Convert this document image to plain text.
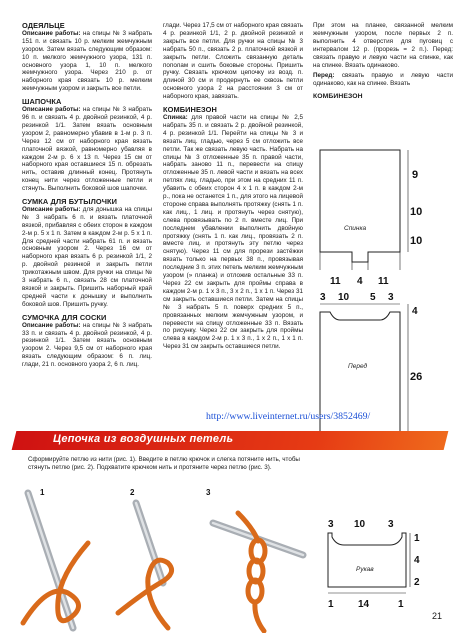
ОДЕЯЛЬЦЕ

Описание работы: на спицы № 3 набрать 151 п. и связать 10 р. мелким жемчужным узором. Затем вязать следующим образом: 10 п. мелкого жемчужного узора, 131 п. основного узора 1, 10 п. мелкого жемчужного узора. Через 210 р. от наборного края связать 10 р. мелким жемчужным узором и закрыть все петли.

ШАПОЧКА

Описание работы: на спицы № 3 набрать 96 п. и связать 4 р. двойной резинкой, 4 р. резинкой 1/1. Затем вязать основным узором 2, равномерно убавив в 1-м р. 3 п. Через 12 см от наборного края вязать платочной вязкой, равномерно убавляя в каждом 2-м р. 6 х 13 п. Через 15 см от наборного края оставшиеся 15 п. обрезать нить, оставив длинный конец. Протянуть конец нити через отложенные петли и стянуть. Выполнить боковой шов шапочки.

СУМКА ДЛЯ БУТЫЛОЧКИ

Описание работы: для донышка на спицы № 3 набрать 6 п. и вязать платочной вязкой, прибавляя с обеих сторон в каждом 2-м р. 5 х 1 п. Затем в каждом 2-м р. 5 х 1 п. Для средней части набрать 61 п. и вязать основным узором 2. Через 16 см от наборного края вязать 6 р. резинкой 1/1, 2 р. двойной резинкой и закрыть петли трикотажным швом. Для ручки на спицы № 3 набрать 6 п., связать 28 см платочной вязкой и закрыть. Пришить наборный край средней части к донышку и выполнить боковой шов. Пришить ручку.

СУМОЧКА ДЛЯ СОСКИ

Описание работы: на спицы № 3 набрать 33 п. и связать 4 р. двойной резинкой, 4 р. резинкой 1/1. Затем вязать основным узором 2. Через 9,5 см от наборного края вязать следующим образом: 6 п. лиц. глади, 21 п. основного узора 2, 6 п. лиц.

глади. Через 17,5 см от наборного края связать 4 р. резинкой 1/1, 2 р. двойной резинкой и закрыть все петли. Для ручки на спицы № 3 набрать 50 п., связать 2 р. платочной вязкой и закрыть петли. Сложить связанную деталь пополам и сшить боковые стороны. Пришить ручку. Связать крючком цепочку из возд. п. длиной 30 см и продернуть ее сквозь петли основного узора 2 на расстоянии 3 см от наборного края, завязать.

КОМБИНЕЗОН

Спинка: для правой части на спицы № 2,5 набрать 35 п. и связать 2 р. двойной резинкой, 4 р. резинкой 1/1. Перейти на спицы № 3 и вязать лиц. гладью, через 5 см отложить все петли. Так же связать левую часть. Набрать на спицы № 3 отложенные 35 п. правой части, набрать заново 11 п., перевести на спицу отложенные 35 п. левой части и вязать на всех петлях лиц. гладью, при этом на средних 11 п. убавить с обеих сторон 4 х 1 п. в каждом 2-м р., пока не останется 1 п., для этого на лицевой стороне справа выполнять протяжку (снять 1 п. как лиц., 1 лиц. и протянуть через снятую), слева провязывать по 2 п. вместе лиц. При последнем убавлении выполнить двойную протяжку (снять 1 п. как лиц., провязать 2 п. вместе лиц. и протянуть эту петлю через снятую). Через 11 см для прорези застёжки вязать только на первых 38 п., провязывая последние 3 п. этих петель мелким жемчужным узором (» планка) и отложив остальные 33 п. Через 22 см закрыть для проймы справа в каждом 2-м р. 1 х 3 п., 3 х 2 п., 1 х 1 п. Через 31 см закрыть оставшиеся петли. Затем на спицы № 3 набрать 5 п. поверх средних 5 п., провязанных мелким жемчужным узором, и перевести на спицу отложенные 33 п. Вязать по рисунку. Через 22 см закрыть для проймы слева в каждом 2-м р. 1 х 3 п., 1 х 2 п., 1 х 1 п. Через 31 см закрыть оставшиеся петли.

При этом на планке, связанной мелким жемчужным узором, после первых 2 п. выполнить 4 отверстия для пуговиц с интервалом 12 р. (прорезь = 2 п.). Перед: связать правую и левую части на спинке, как на спинке. Вязать одинаково.

Перед: связать правую и левую части одинаково, как на спинке. Вязать

КОМБИНЕЗОН
Спинка
9
10
10
11 4 11
Перед
3 10 5 3
4
26
http://www.liveinternet.ru/users/3852469/
Цепочка из воздушных петель

Сформируйте петлю из нити (рис. 1). Введите в петлю крючок и слегка потяните нить, чтобы стянуть петлю (рис. 2). Подхватите крючком нить и протяните через петлю (рис. 3).

1	2	3
Рукав
3 10 3
1
4
2
1 14	1
21
